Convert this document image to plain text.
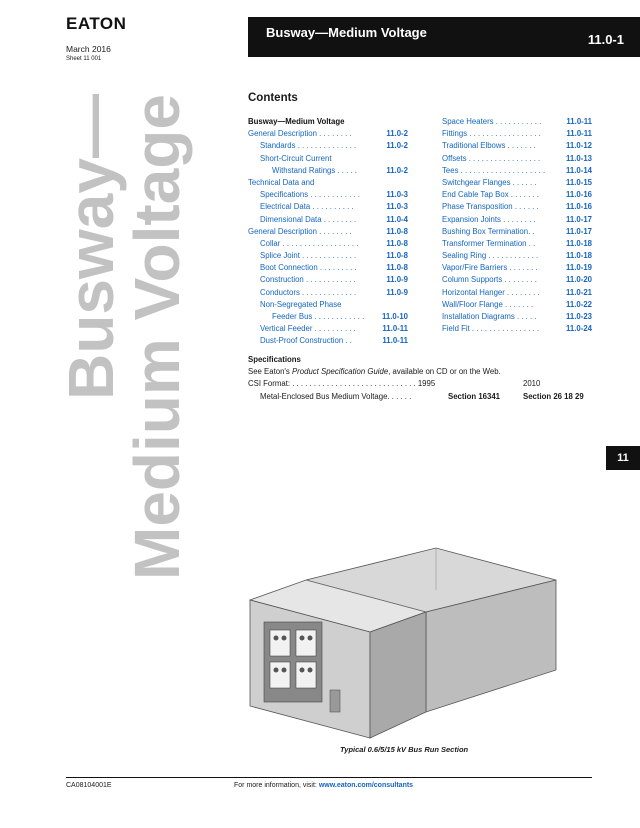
EATON
March 2016
Sheet 11 001
Busway—Medium Voltage	11.0-1
Busway—
Medium Voltage	11
Contents
Busway—Medium Voltage
General Description . . . . . . . .	11.0-2
Standards . . . . . . . . . . . . . .	11.0-2
Short-Circuit Current
Withstand Ratings . . . . .	11.0-2
Technical Data and
Specifications . . . . . . . . . . . .	11.0-3
Electrical Data . . . . . . . . . .	11.0-3
Dimensional Data . . . . . . . .	11.0-4
General Description . . . . . . . .	11.0-8
Collar . . . . . . . . . . . . . . . . . .	11.0-8
Splice Joint . . . . . . . . . . . . .	11.0-8
Boot Connection . . . . . . . . .	11.0-8
Construction . . . . . . . . . . . .	11.0-9
Conductors . . . . . . . . . . . . .	11.0-9
Non-Segregated Phase
Feeder Bus . . . . . . . . . . . .	11.0-10
Vertical Feeder . . . . . . . . . .	11.0-11
Dust-Proof Construction . .	11.0-11
Space Heaters . . . . . . . . . . .	11.0-11
Fittings . . . . . . . . . . . . . . . . .	11.0-11
Traditional Elbows . . . . . . .	11.0-12
Offsets . . . . . . . . . . . . . . . . .	11.0-13
Tees . . . . . . . . . . . . . . . . . . . .	11.0-14
Switchgear Flanges . . . . . .	11.0-15
End Cable Tap Box . . . . . . .	11.0-16
Phase Transposition . . . . . .	11.0-16
Expansion Joints . . . . . . . .	11.0-17
Bushing Box Termination. .	11.0-17
Transformer Termination . .	11.0-18
Sealing Ring . . . . . . . . . . . .	11.0-18
Vapor/Fire Barriers . . . . . . .	11.0-19
Column Supports . . . . . . . .	11.0-20
Horizontal Hanger . . . . . . . .	11.0-21
Wall/Floor Flange . . . . . . .	11.0-22
Installation Diagrams . . . . .	11.0-23
Field Fit . . . . . . . . . . . . . . . .	11.0-24
Specifications
See Eaton's Product Specification Guide, available on CD or on the Web.
CSI Format: . . . . . . . . . . . . . . . . . . . . . . . . . . . . . 1995	2010
Metal-Enclosed Bus Medium Voltage. . . . . .	Section 16341	Section 26 18 29
Typical 0.6/5/15 kV Bus Run Section
CA08104001E	For more information, visit: www.eaton.com/consultants
